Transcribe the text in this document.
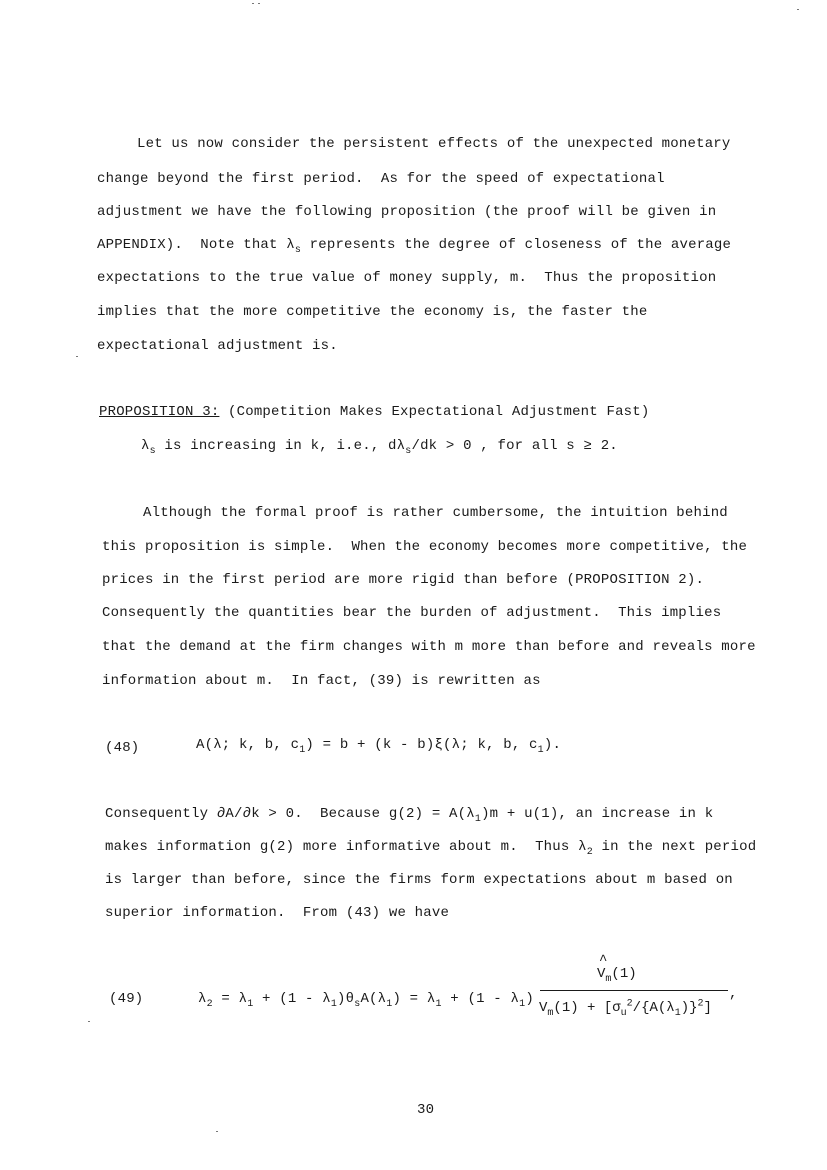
Let us now consider the persistent effects of the unexpected monetary
change beyond the first period.  As for the speed of expectational
adjustment we have the following proposition (the proof will be given in
APPENDIX).  Note that $\lambda_s$ represents the degree of closeness of the average
expectations to the true value of money supply, m.  Thus the proposition
implies that the more competitive the economy is, the faster the
expectational adjustment is.
PROPOSITION 3: (Competition Makes Expectational Adjustment Fast)
$\lambda_s$ is increasing in k, i.e., $d\lambda_s/dk > 0$ , for all s ≥ 2.
Although the formal proof is rather cumbersome, the intuition behind
this proposition is simple.  When the economy becomes more competitive, the
prices in the first period are more rigid than before (PROPOSITION 2).
Consequently the quantities bear the burden of adjustment.  This implies
that the demand at the firm changes with m more than before and reveals more
information about m.  In fact, (39) is rewritten as
(48)	A(λ; k, b, $c_1) = b + (k - b)\xi(\lambda$; k, b, $c_1$).
Consequently ∂A/∂k > 0.  Because $g(2) = A(\lambda_1)m + u(1)$, an increase in k
makes information g(2) more informative about m.  Thus $\lambda_2$ in the next period
is larger than before, since the firms form expectations about m based on
superior information.  From (43) we have
(49)	$\lambda_2 = \lambda_1 + (1 - \lambda_1)\theta_sA(\lambda_1) = \lambda_1 + (1 - \lambda_1)$
^
$V_m(1)$
$V_m(1) + [\sigma_u^2/\{A(\lambda_1)\}^2]$
,
30
